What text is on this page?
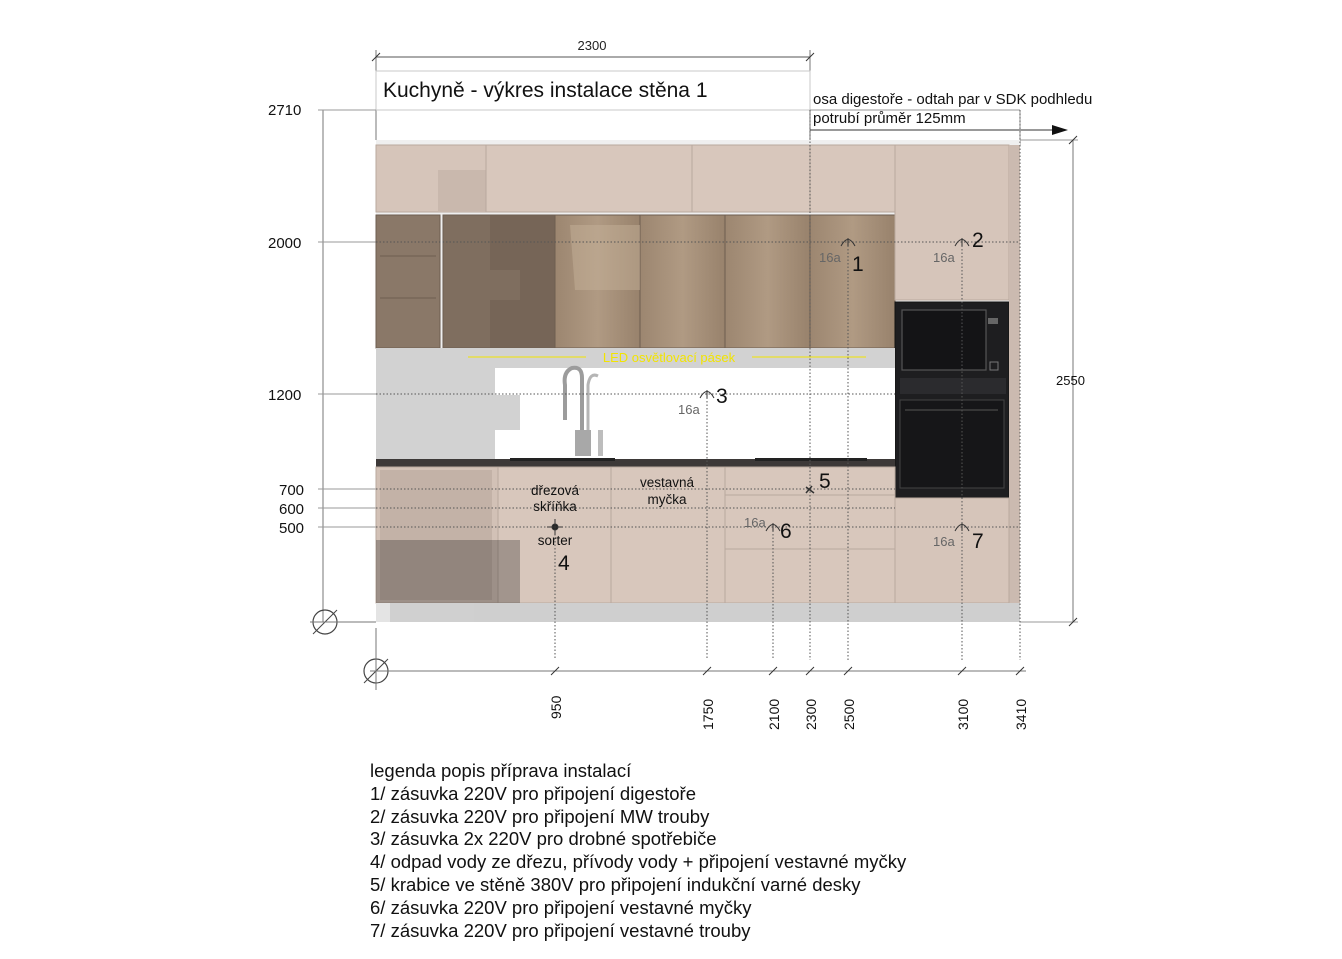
2300
Kuchyně - výkres instalace stěna 1	osa digestoře - odtah par v SDK podhledu
potrubí průměr 125mm
2710
2000
1200
700
600
500
2550
LED osvětlovací pásek
16a	16a
16a
16a
16a
1
2
3
4
5
6	7
dřezová
skříňka
sorter
vestavná
myčka
950	1750	2100 2300 2500	3100	3410
legenda popis příprava instalací
1/ zásuvka 220V pro připojení digestoře
2/ zásuvka 220V pro připojení MW trouby
3/ zásuvka 2x 220V pro drobné spotřebiče
4/ odpad vody ze dřezu, přívody vody + připojení vestavné myčky
5/ krabice ve stěně 380V pro připojení indukční varné desky
6/ zásuvka 220V pro připojení vestavné myčky
7/ zásuvka 220V pro připojení vestavné trouby
